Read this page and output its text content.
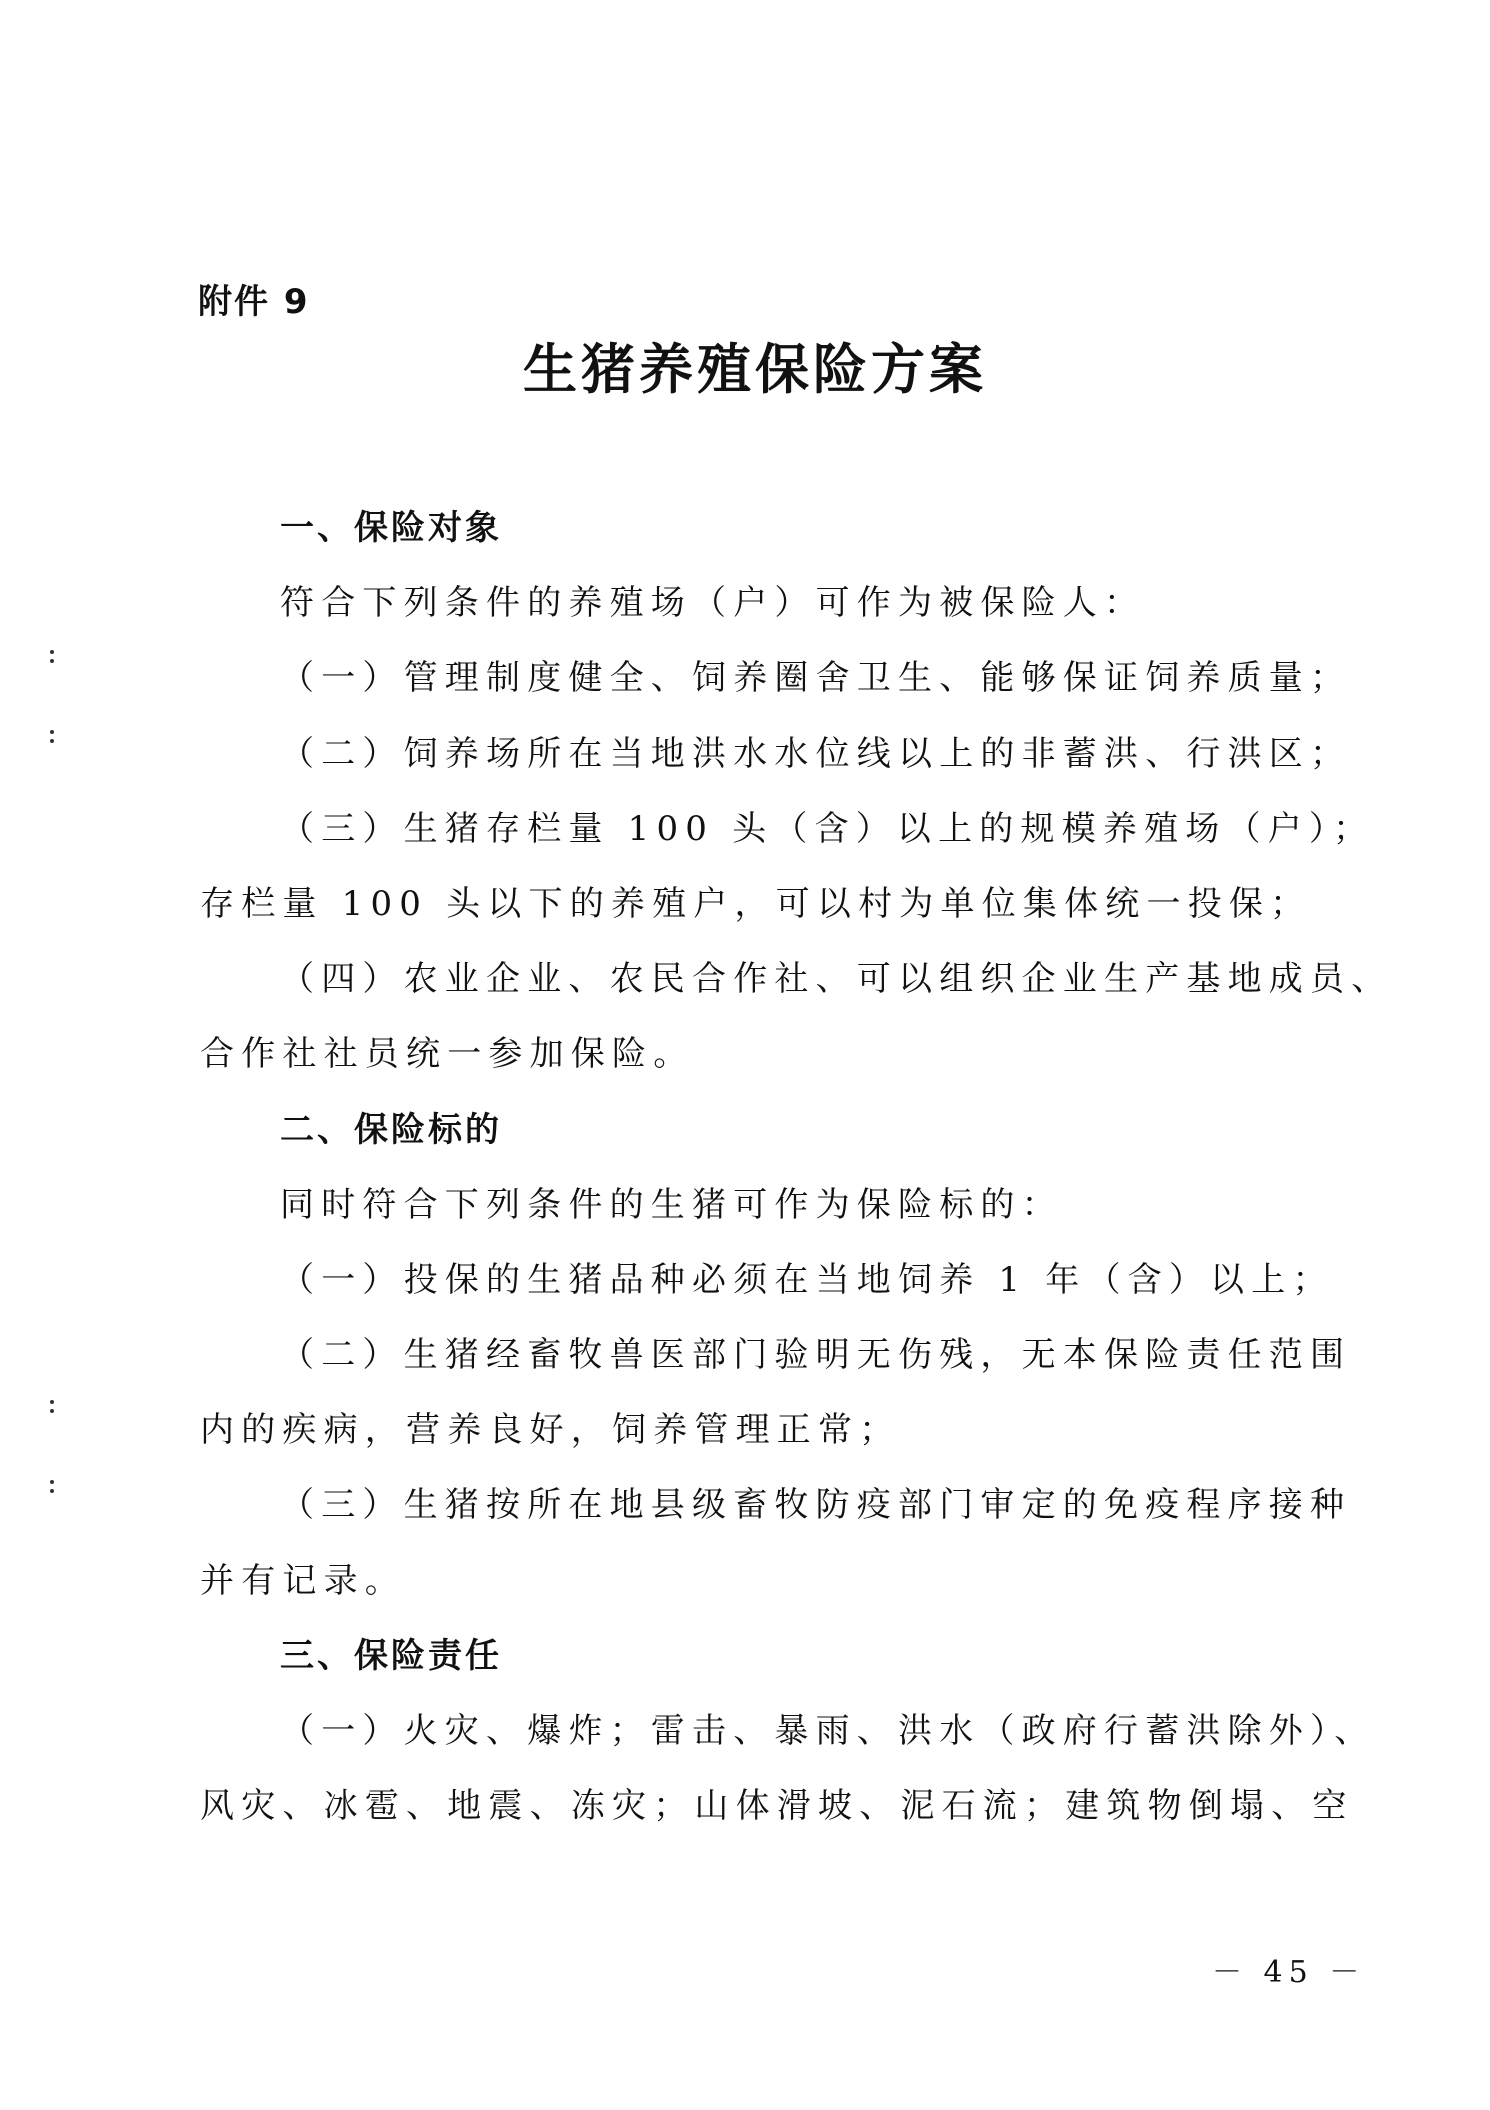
附件 9
生猪养殖保险方案
一、保险对象
符合下列条件的养殖场（户）可作为被保险人：
（一）管理制度健全、饲养圈舍卫生、能够保证饲养质量；
（二）饲养场所在当地洪水水位线以上的非蓄洪、行洪区；
（三）生猪存栏量 100 头（含）以上的规模养殖场（户）；
存栏量 100 头以下的养殖户，可以村为单位集体统一投保；
（四）农业企业、农民合作社、可以组织企业生产基地成员、
合作社社员统一参加保险。
二、保险标的
同时符合下列条件的生猪可作为保险标的：
（一）投保的生猪品种必须在当地饲养 1 年（含）以上；
（二）生猪经畜牧兽医部门验明无伤残，无本保险责任范围
内的疾病，营养良好，饲养管理正常；
（三）生猪按所在地县级畜牧防疫部门审定的免疫程序接种
并有记录。
三、保险责任
（一）火灾、爆炸；雷击、暴雨、洪水（政府行蓄洪除外）、
风灾、冰雹、地震、冻灾；山体滑坡、泥石流；建筑物倒塌、空
－ 45 －
